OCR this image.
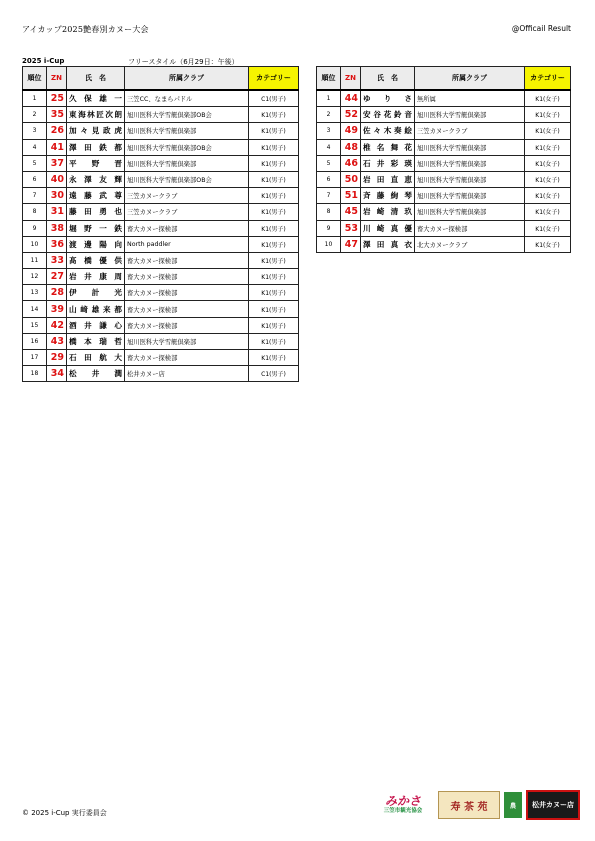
アイカップ2025艶春別カヌー大会	@Officail Result
2025 i-Cup	フリースタイル（6月29日：午後）
順位	ZN	氏　名	所属クラブ	カテゴリー
1	25	久保雄一	三笠CC、なまらパドル	C1(男子)
2	35	東海林匠次朗	旭川医科大学雪艇倶楽部OB会	K1(男子)
3	26	加々見政虎	旭川医科大学雪艇倶楽部	K1(男子)
4	41	澤田鉄都	旭川医科大学雪艇倶楽部OB会	K1(男子)
5	37	平野晋	旭川医科大学雪艇倶楽部	K1(男子)
6	40	永澤友輝	旭川医科大学雪艇倶楽部OB会	K1(男子)
7	30	遠藤武尊	三笠カヌークラブ	K1(男子)
8	31	藤田勇也	三笠カヌークラブ	K1(男子)
9	38	堀野一鉄	畜大カヌー探検部	K1(男子)
10	36	渡邊陽向	North paddler	K1(男子)
11	33	髙橋優供	畜大カヌー探検部	K1(男子)
12	27	岩井康周	畜大カヌー探検部	K1(男子)
13	28	伊計光	畜大カヌー探検部	K1(男子)
14	39	山﨑雄来都	畜大カヌー探検部	K1(男子)
15	42	酒井謙心	畜大カヌー探検部	K1(男子)
16	43	橋本瑞哲	旭川医科大学雪艇倶楽部	K1(男子)
17	29	石田航大	畜大カヌー探検部	K1(男子)
18	34	松井潤	松井カヌー店	C1(男子)
順位	ZN	氏　名	所属クラブ	カテゴリー
1	44	ゆりさ	無所属	K1(女子)
2	52	安谷花鈴音	旭川医科大学雪艇倶楽部	K1(女子)
3	49	佐々木奏絵	三笠カヌークラブ	K1(女子)
4	48	椎名舞花	旭川医科大学雪艇倶楽部	K1(女子)
5	46	石井彩瑛	旭川医科大学雪艇倶楽部	K1(女子)
6	50	岩田直恵	旭川医科大学雪艇倶楽部	K1(女子)
7	51	斉藤絢琴	旭川医科大学雪艇倶楽部	K1(女子)
8	45	岩崎清玖	旭川医科大学雪艇倶楽部	K1(女子)
9	53	川崎真優	畜大カヌー探検部	K1(女子)
10	47	澤田真衣	北大カヌークラブ	K1(女子)
© 2025 i-Cup 実行委員会
みかさ
三笠市観光協会	寿 茶 苑	農	松井カヌー店
